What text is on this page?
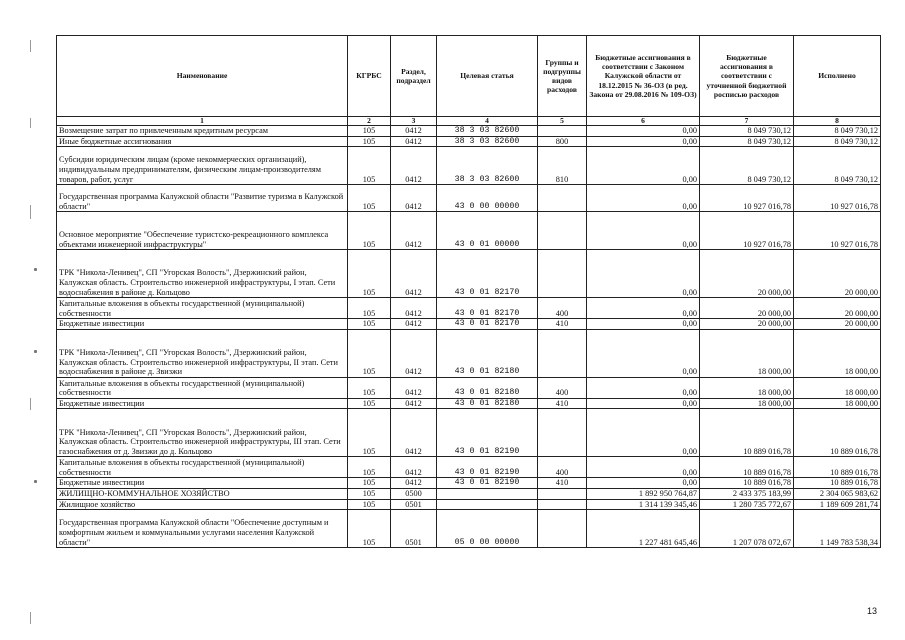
Наименование	КГРБС	Раздел, подраздел	Целевая статья	Группы и подгруппы видов расходов	Бюджетные ассигнования в соответствии с Законом Калужской области от 18.12.2015 № 36-ОЗ (в ред. Закона от 29.08.2016 № 109-ОЗ)	Бюджетные ассигнования в соответствии с уточненной бюджетной росписью расходов	Исполнено
1	2	3	4	5	6	7	8
Возмещение затрат по привлеченным кредитным ресурсам	105	0412	38 3 03 82600		0,00	8 049 730,12	8 049 730,12
Иные бюджетные ассигнования	105	0412	38 3 03 82600	800	0,00	8 049 730,12	8 049 730,12
Субсидии юридическим лицам (кроме некоммерческих организаций), индивидуальным предпринимателям, физическим лицам-производителям товаров, работ, услуг	105	0412	38 3 03 82600	810	0,00	8 049 730,12	8 049 730,12
Государственная программа Калужской области "Развитие туризма в Калужской области"	105	0412	43 0 00 00000		0,00	10 927 016,78	10 927 016,78
Основное мероприятие "Обеспечение туристско-рекреационного комплекса объектами инженерной инфраструктуры"	105	0412	43 0 01 00000		0,00	10 927 016,78	10 927 016,78
ТРК "Никола-Ленивец", СП "Угорская Волость", Дзержинский район, Калужская область. Строительство инженерной инфраструктуры, I этап. Сети водоснабжения в районе д. Кольцово	105	0412	43 0 01 82170		0,00	20 000,00	20 000,00
Капитальные вложения в объекты государственной (муниципальной) собственности	105	0412	43 0 01 82170	400	0,00	20 000,00	20 000,00
Бюджетные инвестиции	105	0412	43 0 01 82170	410	0,00	20 000,00	20 000,00
ТРК "Никола-Ленивец", СП "Угорская Волость", Дзержинский район, Калужская область. Строительство инженерной инфраструктуры, II этап. Сети водоснабжения в районе д. Звизжи	105	0412	43 0 01 82180		0,00	18 000,00	18 000,00
Капитальные вложения в объекты государственной (муниципальной) собственности	105	0412	43 0 01 82180	400	0,00	18 000,00	18 000,00
Бюджетные инвестиции	105	0412	43 0 01 82180	410	0,00	18 000,00	18 000,00
ТРК "Никола-Ленивец", СП "Угорская Волость", Дзержинский район, Калужская область. Строительство инженерной инфраструктуры, III этап. Сети газоснабжения от д. Звизжи до д. Кольцово	105	0412	43 0 01 82190		0,00	10 889 016,78	10 889 016,78
Капитальные вложения в объекты государственной (муниципальной) собственности	105	0412	43 0 01 82190	400	0,00	10 889 016,78	10 889 016,78
Бюджетные инвестиции	105	0412	43 0 01 82190	410	0,00	10 889 016,78	10 889 016,78
ЖИЛИЩНО-КОММУНАЛЬНОЕ ХОЗЯЙСТВО	105	0500			1 892 950 764,87	2 433 375 183,99	2 304 065 983,62
Жилищное хозяйство	105	0501			1 314 139 345,46	1 280 735 772,67	1 189 609 281,74
Государственная программа Калужской области "Обеспечение доступным и комфортным жильем и коммунальными услугами населения Калужской области"	105	0501	05 0 00 00000		1 227 481 645,46	1 207 078 072,67	1 149 783 538,34
13
